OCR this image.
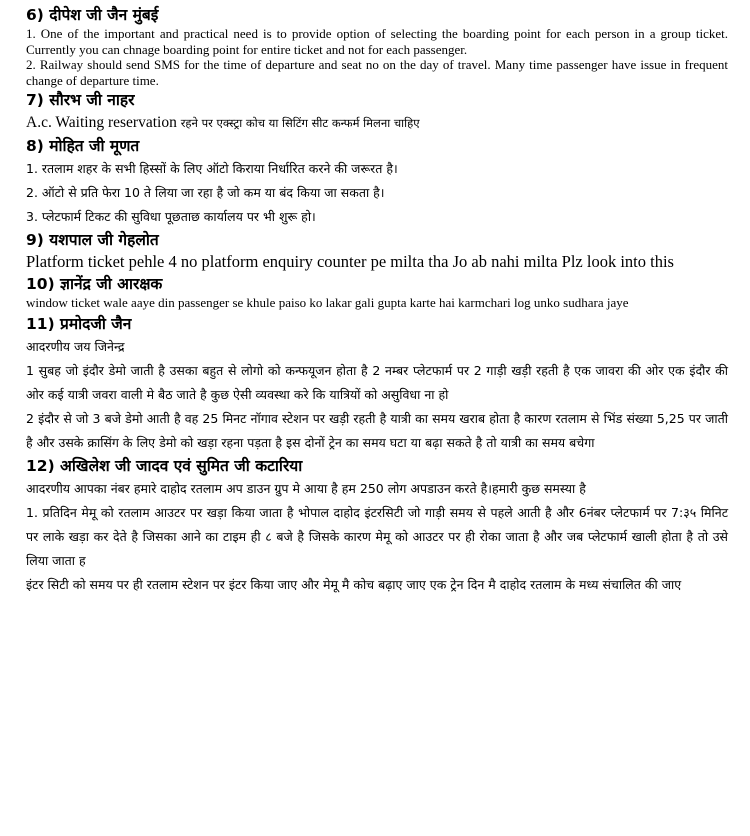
6) दीपेश जी जैन मुंबई

1. One of the important and practical need is to provide option of selecting the boarding point for each person in a group ticket. Currently you can chnage boarding point for entire ticket and not for each passenger.

2. Railway should send SMS for the time of departure and seat no on the day of travel. Many time passenger have issue in frequent change of departure time.

7) सौरभ जी नाहर

A.c. Waiting reservation रहने पर एक्स्ट्रा कोच या सिटिंग सीट कन्फर्म मिलना चाहिए

8) मोहित जी मूणत

1. रतलाम शहर के सभी हिस्सों के लिए ऑटो किराया निर्धारित करने की जरूरत है।

2. ऑटो से प्रति फेरा 10 ते लिया जा रहा है जो कम या बंद किया जा सकता है।

3. प्लेटफार्म टिकट की सुविधा पूछताछ कार्यालय पर भी शुरू हो।

9) यशपाल जी गेहलोत

Platform ticket pehle 4 no platform enquiry counter pe milta tha Jo ab nahi milta Plz look into this

10) ज्ञानेंद्र जी आरक्षक

window ticket wale aaye din passenger se khule paiso ko lakar gali gupta karte hai karmchari log unko sudhara jaye

11) प्रमोदजी जैन

आदरणीय जय जिनेन्द्र

1 सुबह जो इंदौर डेमो जाती है उसका बहुत से लोगो को कन्फयूजन होता है 2 नम्बर प्लेटफार्म पर 2 गाड़ी खड़ी रहती है एक जावरा की ओर एक इंदौर की ओर कई यात्री जवरा वाली मे बैठ जाते है कुछ ऐसी व्यवस्था करे कि यात्रियों को असुविधा ना हो

2 इंदौर से जो 3 बजे डेमो आती है वह 25 मिनट नॉगाव स्टेशन पर खड़ी रहती है यात्री का समय खराब होता है कारण रतलाम से भिंड संख्या 5,25 पर जाती है और उसके क्रासिंग के लिए डेमो को खड़ा रहना पड़ता है इस दोनों ट्रेन का समय घटा या बढ़ा सकते है तो यात्री का समय बचेगा

12) अखिलेश जी जादव एवं सुमित जी कटारिया

आदरणीय आपका नंबर हमारे दाहोद रतलाम अप डाउन ग्रुप मे आया है हम 250 लोग अपडाउन करते है।हमारी कुछ समस्या है

1. प्रतिदिन मेमू को रतलाम आउटर पर खड़ा किया जाता है भोपाल दाहोद इंटरसिटी जो गाड़ी समय से पहले आती है और 6नंबर प्लेटफार्म पर 7:३५ मिनिट पर लाके खड़ा कर देते है जिसका आने का टाइम ही ८ बजे है जिसके कारण मेमू को आउटर पर ही रोका जाता है और जब प्लेटफार्म खाली होता है तो उसे लिया जाता ह

इंटर सिटी को समय पर ही रतलाम स्टेशन पर इंटर किया जाए और मेमू मै कोच बढ़ाए जाए एक ट्रेन दिन मै दाहोद रतलाम के मध्य संचालित की जाए
